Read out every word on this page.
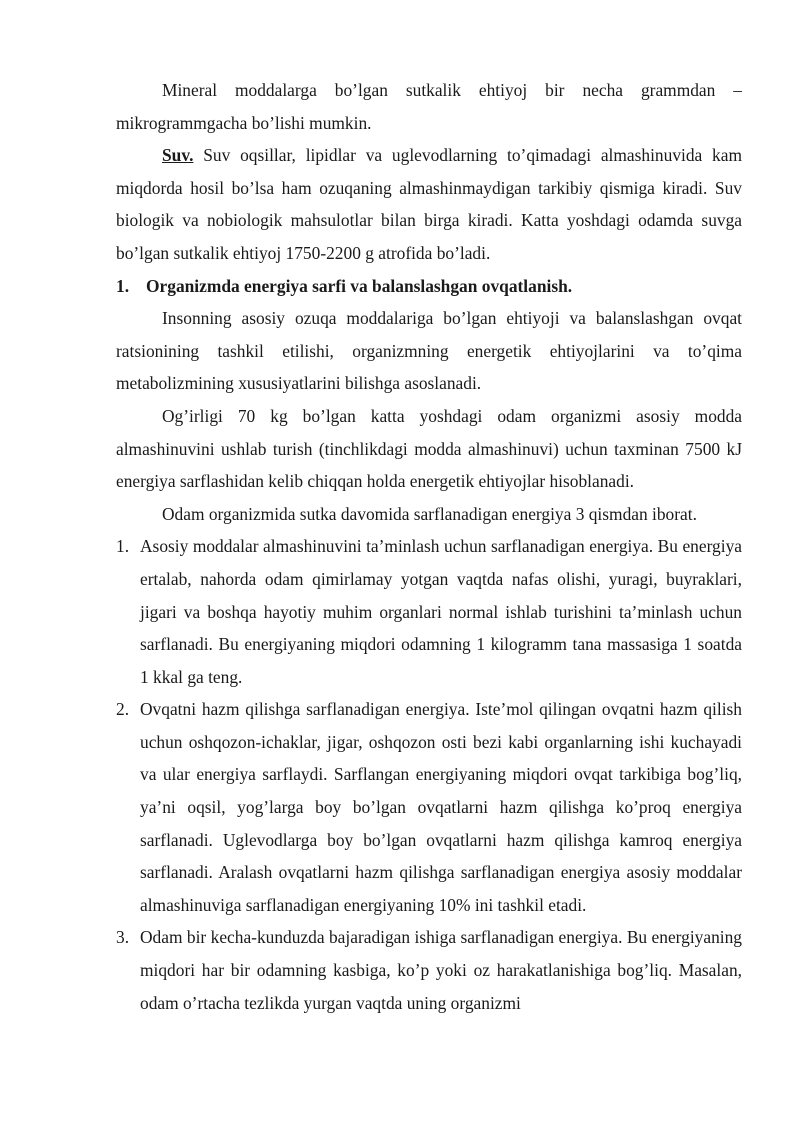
Mineral moddalarga bo’lgan sutkalik ehtiyoj bir necha grammdan – mikrogrammgacha bo’lishi mumkin.

Suv. Suv oqsillar, lipidlar va uglevodlarning to’qimadagi almashinuvida kam miqdorda hosil bo’lsa ham ozuqaning almashinmaydigan tarkibiy qismiga kiradi. Suv biologik va nobiologik mahsulotlar bilan birga kiradi. Katta yoshdagi odamda suvga bo’lgan sutkalik ehtiyoj 1750-2200 g atrofida bo’ladi.

1. Organizmda energiya sarfi va balanslashgan ovqatlanish.

Insonning asosiy ozuqa moddalariga bo’lgan ehtiyoji va balanslashgan ovqat ratsionining tashkil etilishi, organizmning energetik ehtiyojlarini va to’qima metabolizmining xususiyatlarini bilishga asoslanadi.

Og’irligi 70 kg bo’lgan katta yoshdagi odam organizmi asosiy modda almashinuvini ushlab turish (tinchlikdagi modda almashinuvi) uchun taxminan 7500 kJ energiya sarflashidan kelib chiqqan holda energetik ehtiyojlar hisoblanadi.

Odam organizmida sutka davomida sarflanadigan energiya 3 qismdan iborat.

1. Asosiy moddalar almashinuvini ta’minlash uchun sarflanadigan energiya. Bu energiya ertalab, nahorda odam qimirlamay yotgan vaqtda nafas olishi, yuragi, buyraklari, jigari va boshqa hayotiy muhim organlari normal ishlab turishini ta’minlash uchun sarflanadi. Bu energiyaning miqdori odamning 1 kilogramm tana massasiga 1 soatda 1 kkal ga teng.
2. Ovqatni hazm qilishga sarflanadigan energiya. Iste’mol qilingan ovqatni hazm qilish uchun oshqozon-ichaklar, jigar, oshqozon osti bezi kabi organlarning ishi kuchayadi va ular energiya sarflaydi. Sarflangan energiyaning miqdori ovqat tarkibiga bog’liq, ya’ni oqsil, yog’larga boy bo’lgan ovqatlarni hazm qilishga ko’proq energiya sarflanadi. Uglevodlarga boy bo’lgan ovqatlarni hazm qilishga kamroq energiya sarflanadi. Aralash ovqatlarni hazm qilishga sarflanadigan energiya asosiy moddalar almashinuviga sarflanadigan energiyaning 10% ini tashkil etadi.
3. Odam bir kecha-kunduzda bajaradigan ishiga sarflanadigan energiya. Bu energiyaning miqdori har bir odamning kasbiga, ko’p yoki oz harakatlanishiga bog’liq. Masalan, odam o’rtacha tezlikda yurgan vaqtda uning organizmi
